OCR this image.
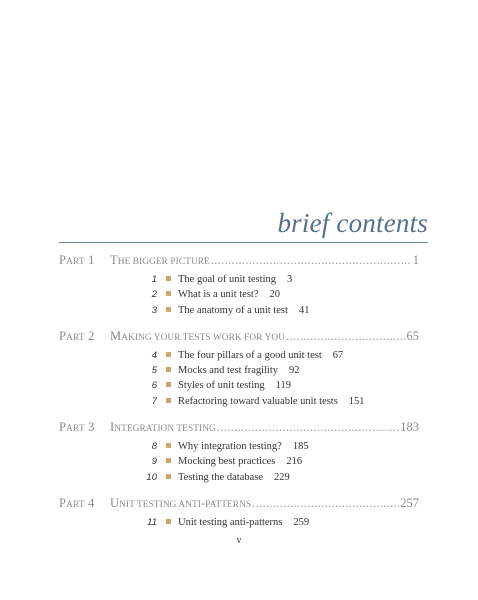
brief contents
PART 1	THE BIGGER PICTURE . . .	1
1 The goal of unit testing 3
2 What is a unit test? 20
3 The anatomy of a unit test 41
PART 2	MAKING YOUR TESTS WORK FOR YOU . . .	65
4 The four pillars of a good unit test 67
5 Mocks and test fragility 92
6 Styles of unit testing 119
7 Refactoring toward valuable unit tests 151
PART 3	INTEGRATION TESTING . . .	183
8 Why integration testing? 185
9 Mocking best practices 216
10 Testing the database 229
PART 4	UNIT TESTING ANTI-PATTERNS . . .	257
11 Unit testing anti-patterns 259
v
